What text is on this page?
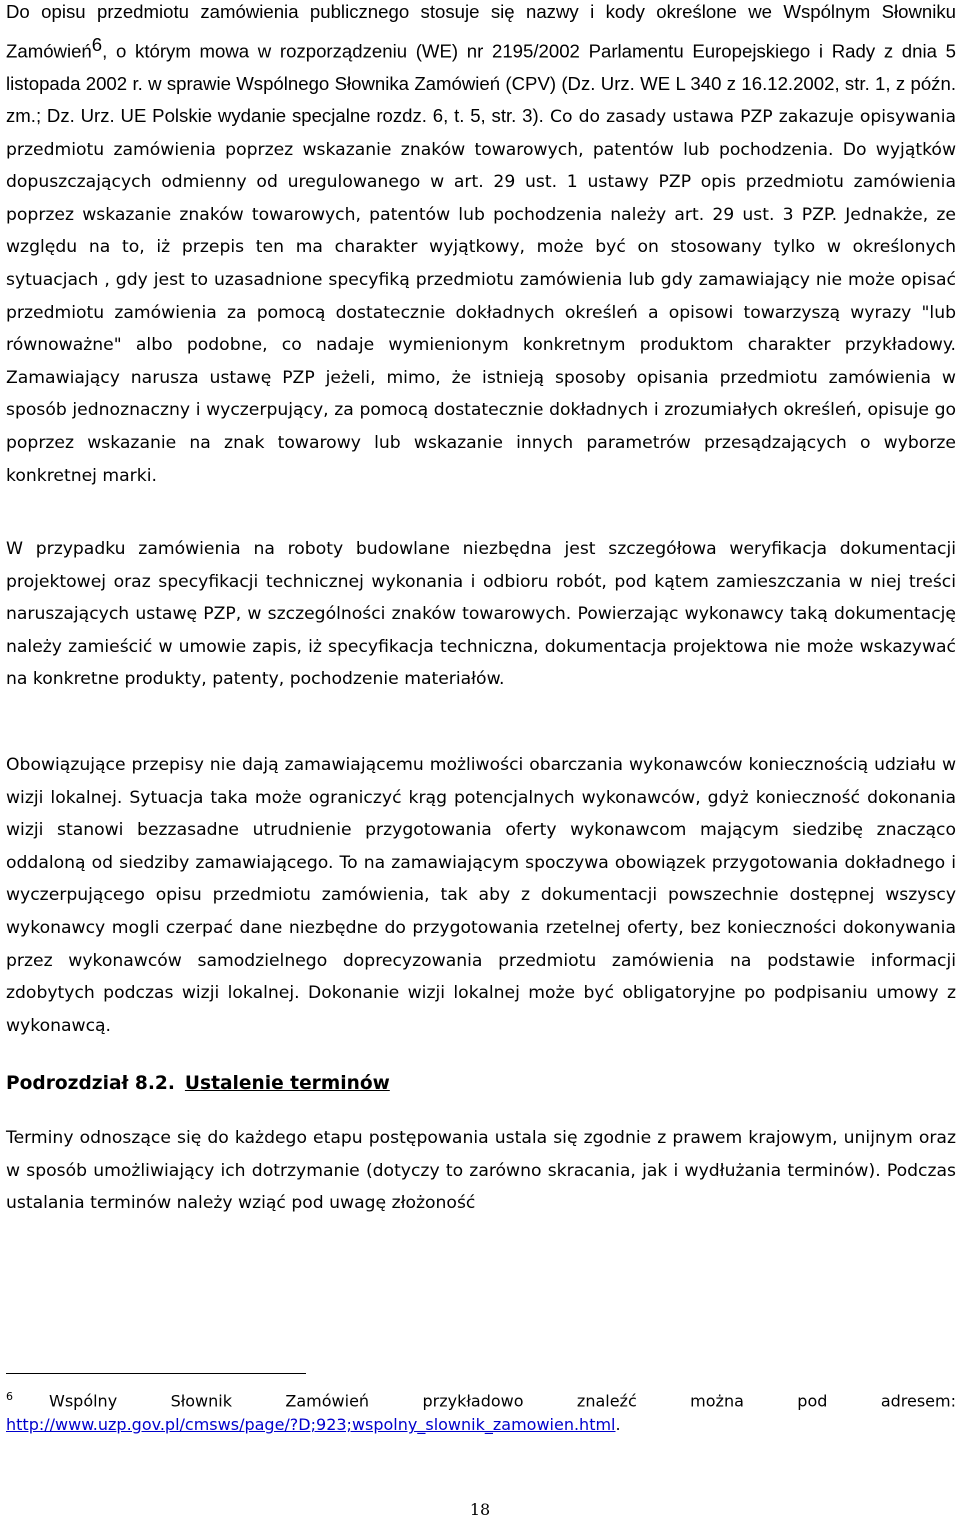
Do opisu przedmiotu zamówienia publicznego stosuje się nazwy i kody określone we Wspólnym Słowniku Zamówień$^6$, o którym mowa w rozporządzeniu (WE) nr 2195/2002 Parlamentu Europejskiego i Rady z dnia 5 listopada 2002 r. w sprawie Wspólnego Słownika Zamówień (CPV) (Dz. Urz. WE L 340 z 16.12.2002, str. 1, z późn. zm.; Dz. Urz. UE Polskie wydanie specjalne rozdz. 6, t. 5, str. 3). Co do zasady ustawa PZP zakazuje opisywania przedmiotu zamówienia poprzez wskazanie znaków towarowych, patentów lub pochodzenia. Do wyjątków dopuszczających odmienny od uregulowanego w art. 29 ust. 1 ustawy PZP opis przedmiotu zamówienia poprzez wskazanie znaków towarowych, patentów lub pochodzenia należy art. 29 ust. 3 PZP. Jednakże, ze względu na to, iż przepis ten ma charakter wyjątkowy, może być on stosowany tylko w określonych sytuacjach , gdy jest to uzasadnione specyfiką przedmiotu zamówienia lub gdy zamawiający nie może opisać przedmiotu zamówienia za pomocą dostatecznie dokładnych określeń a opisowi towarzyszą wyrazy "lub równoważne" albo podobne, co nadaje wymienionym konkretnym produktom charakter przykładowy. Zamawiający narusza ustawę PZP jeżeli, mimo, że istnieją sposoby opisania przedmiotu zamówienia w sposób jednoznaczny i wyczerpujący, za pomocą dostatecznie dokładnych i zrozumiałych określeń, opisuje go poprzez wskazanie na znak towarowy lub wskazanie innych parametrów przesądzających o wyborze konkretnej marki.

W przypadku zamówienia na roboty budowlane niezbędna jest szczegółowa weryfikacja dokumentacji projektowej oraz specyfikacji technicznej wykonania i odbioru robót, pod kątem zamieszczania w niej treści naruszających ustawę PZP, w szczególności znaków towarowych. Powierzając wykonawcy taką dokumentację należy zamieścić w umowie zapis, iż specyfikacja techniczna, dokumentacja projektowa nie może wskazywać na konkretne produkty, patenty, pochodzenie materiałów.

Obowiązujące przepisy nie dają zamawiającemu możliwości obarczania wykonawców koniecznością udziału w wizji lokalnej. Sytuacja taka może ograniczyć krąg potencjalnych wykonawców, gdyż konieczność dokonania wizji stanowi bezzasadne utrudnienie przygotowania oferty wykonawcom mającym siedzibę znacząco oddaloną od siedziby zamawiającego. To na zamawiającym spoczywa obowiązek przygotowania dokładnego i wyczerpującego opisu przedmiotu zamówienia, tak aby z dokumentacji powszechnie dostępnej wszyscy wykonawcy mogli czerpać dane niezbędne do przygotowania rzetelnej oferty, bez konieczności dokonywania przez wykonawców samodzielnego doprecyzowania przedmiotu zamówienia na podstawie informacji zdobytych podczas wizji lokalnej. Dokonanie wizji lokalnej może być obligatoryjne po podpisaniu umowy z wykonawcą.

Podrozdział 8.2. Ustalenie terminów

Terminy odnoszące się do każdego etapu postępowania ustala się zgodnie z prawem krajowym, unijnym oraz w sposób umożliwiający ich dotrzymanie (dotyczy to zarówno skracania, jak i wydłużania terminów). Podczas ustalania terminów należy wziąć pod uwagę złożoność

$^6$ Wspólny Słownik Zamówień przykładowo znaleźć można pod adresem:
http://www.uzp.gov.pl/cmsws/page/?D;923;wspolny_slownik_zamowien.html.
18
